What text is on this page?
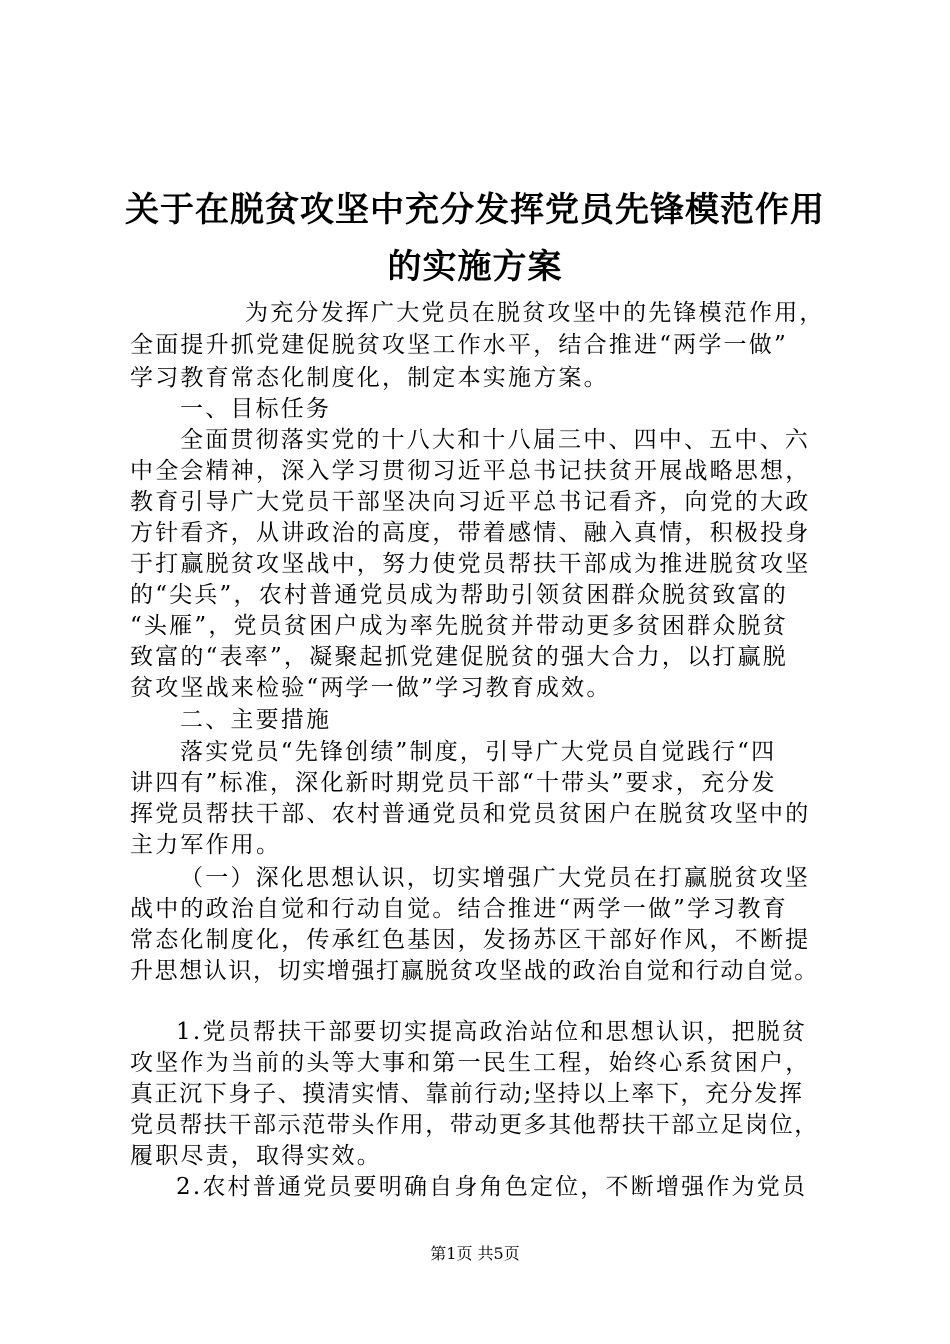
关于在脱贫攻坚中充分发挥党员先锋模范作用
的实施方案
为充分发挥广大党员在脱贫攻坚中的先锋模范作用，
全面提升抓党建促脱贫攻坚工作水平，结合推进“两学一做”
学习教育常态化制度化，制定本实施方案。
一、目标任务
全面贯彻落实党的十八大和十八届三中、四中、五中、六
中全会精神，深入学习贯彻习近平总书记扶贫开展战略思想，
教育引导广大党员干部坚决向习近平总书记看齐，向党的大政
方针看齐，从讲政治的高度，带着感情、融入真情，积极投身
于打赢脱贫攻坚战中，努力使党员帮扶干部成为推进脱贫攻坚
的“尖兵”，农村普通党员成为帮助引领贫困群众脱贫致富的
“头雁”，党员贫困户成为率先脱贫并带动更多贫困群众脱贫
致富的“表率”，凝聚起抓党建促脱贫的强大合力，以打赢脱
贫攻坚战来检验“两学一做”学习教育成效。
二、主要措施
落实党员“先锋创绩”制度，引导广大党员自觉践行“四
讲四有”标准，深化新时期党员干部“十带头”要求，充分发
挥党员帮扶干部、农村普通党员和党员贫困户在脱贫攻坚中的
主力军作用。
（一）深化思想认识，切实增强广大党员在打赢脱贫攻坚
战中的政治自觉和行动自觉。结合推进“两学一做”学习教育
常态化制度化，传承红色基因，发扬苏区干部好作风，不断提
升思想认识，切实增强打赢脱贫攻坚战的政治自觉和行动自觉。
1.党员帮扶干部要切实提高政治站位和思想认识，把脱贫
攻坚作为当前的头等大事和第一民生工程，始终心系贫困户，
真正沉下身子、摸清实情、靠前行动;坚持以上率下，充分发挥
党员帮扶干部示范带头作用，带动更多其他帮扶干部立足岗位，
履职尽责，取得实效。
2.农村普通党员要明确自身角色定位，不断增强作为党员
第1页 共5页
